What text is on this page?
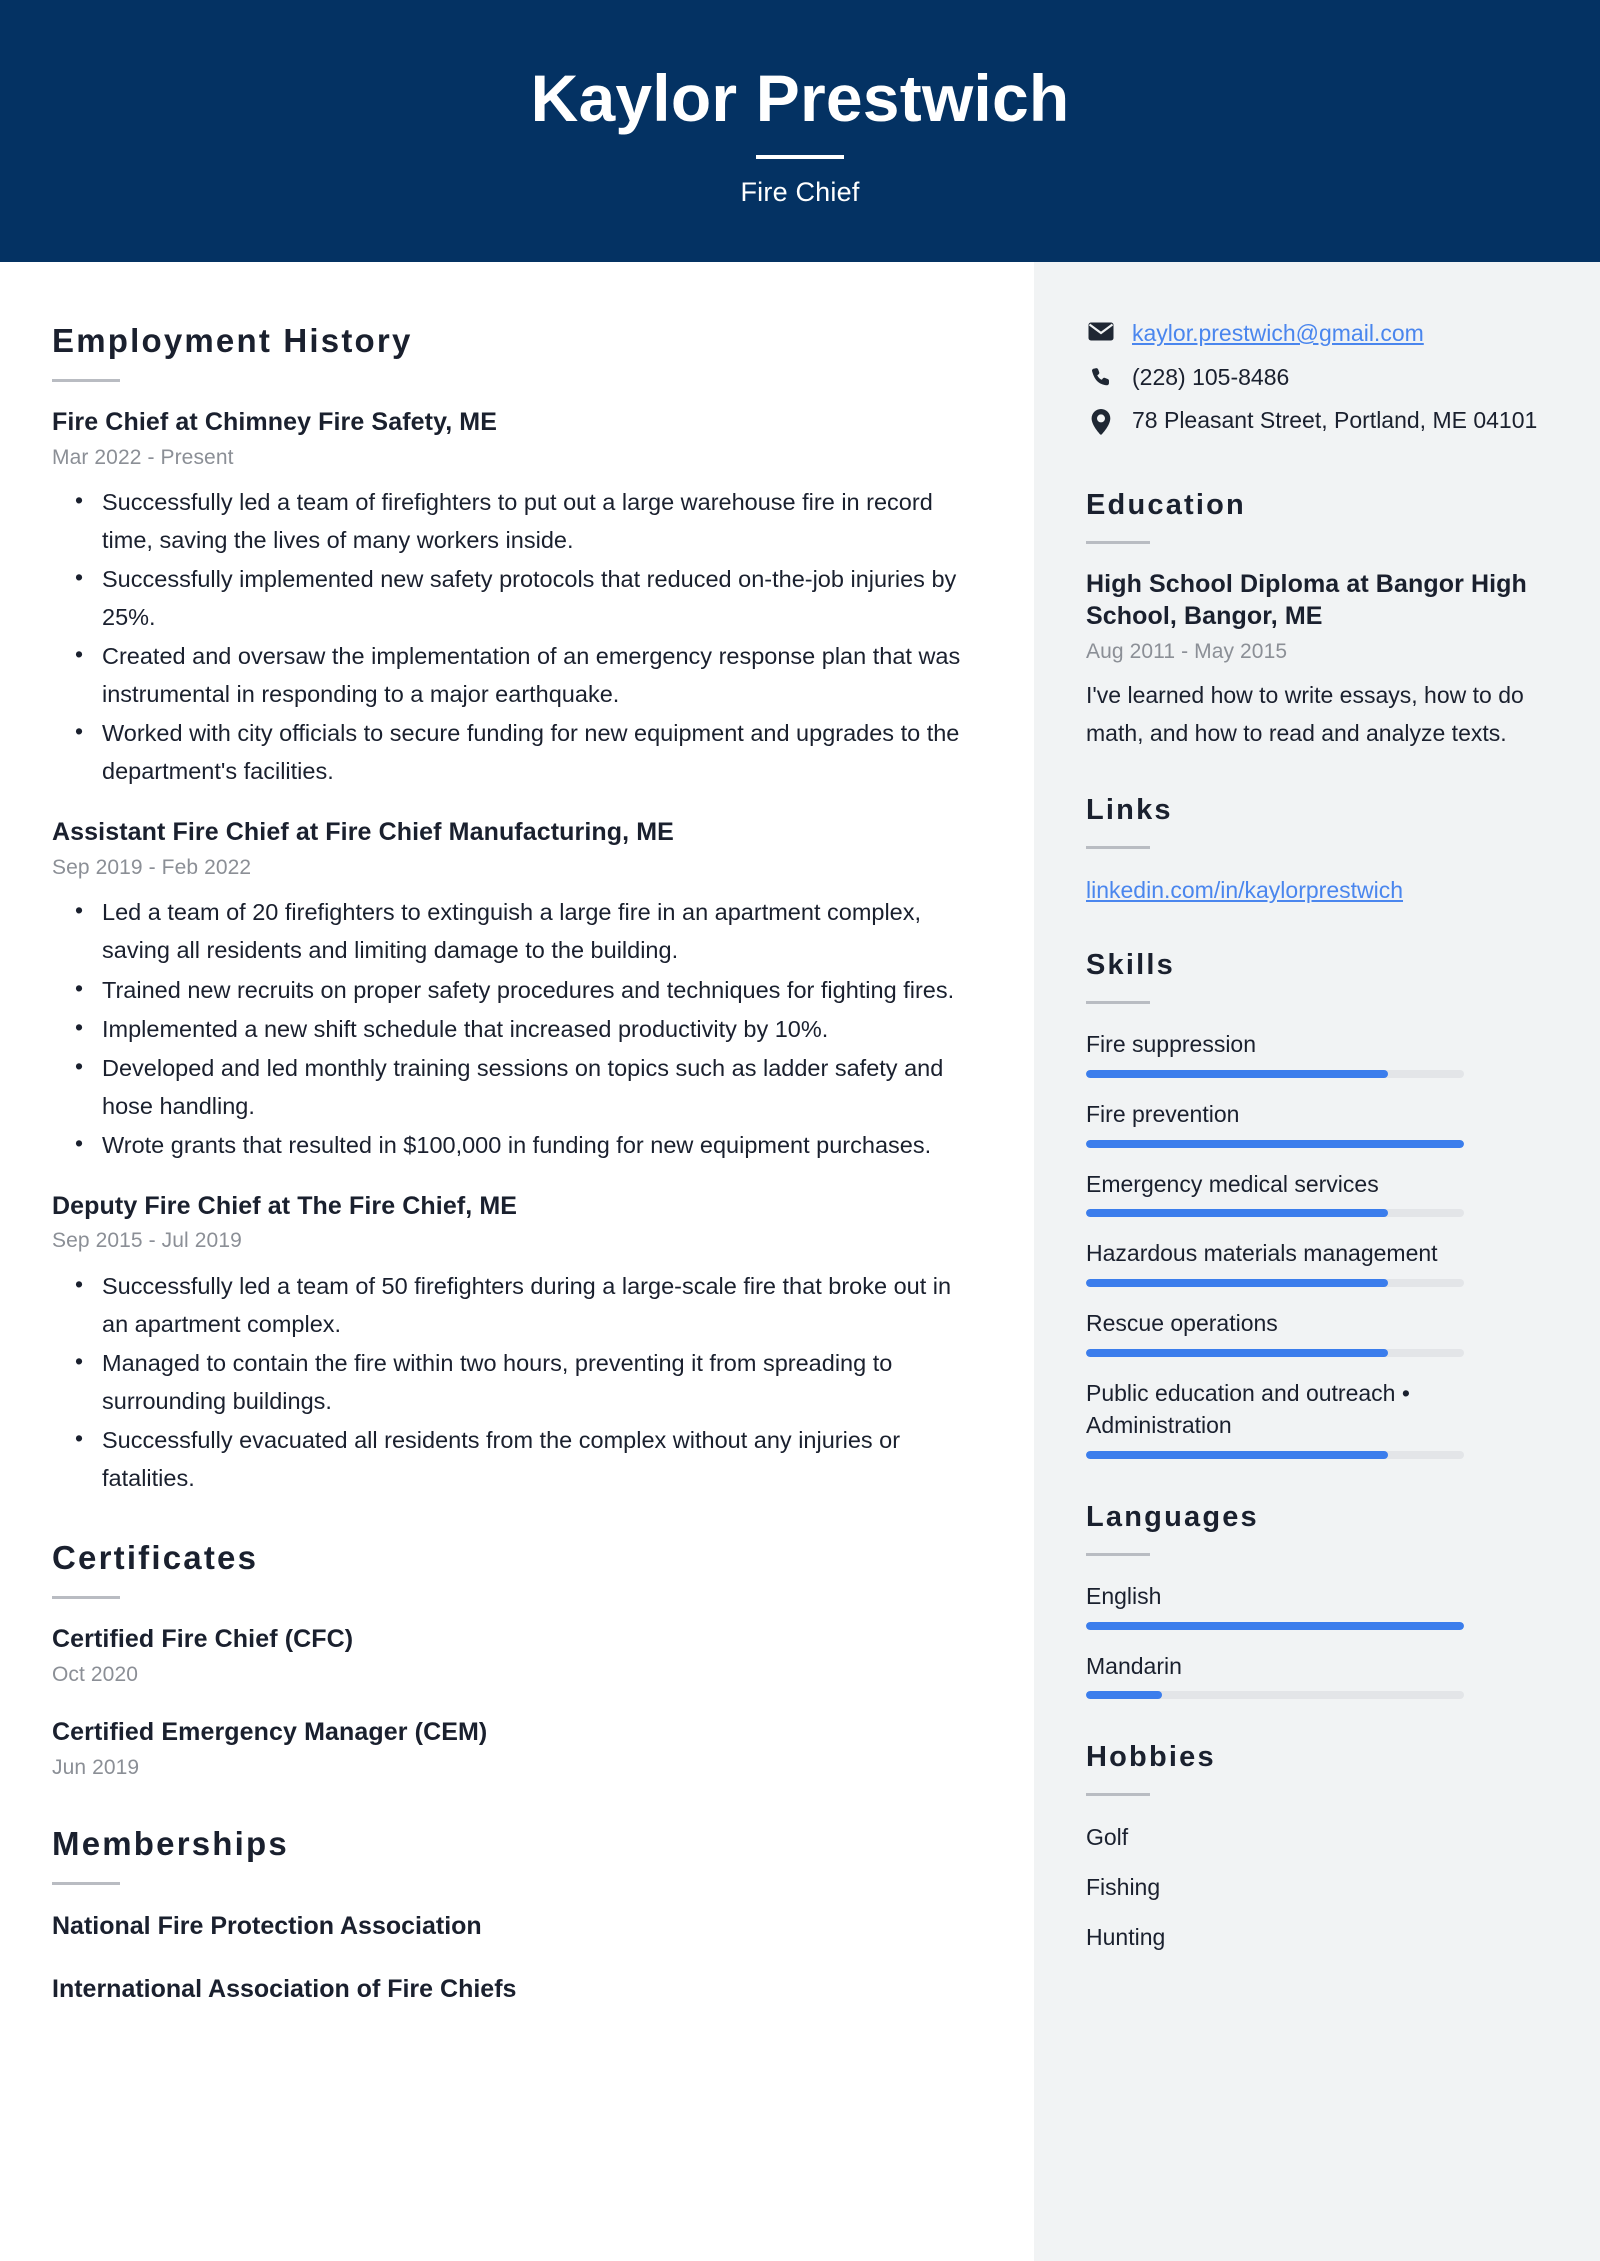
Kaylor Prestwich
Fire Chief
Employment History
Fire Chief at Chimney Fire Safety, ME
Mar 2022 - Present
• Successfully led a team of firefighters to put out a large warehouse fire in record time, saving the lives of many workers inside.
• Successfully implemented new safety protocols that reduced on-the-job injuries by 25%.
• Created and oversaw the implementation of an emergency response plan that was instrumental in responding to a major earthquake.
• Worked with city officials to secure funding for new equipment and upgrades to the department's facilities.
Assistant Fire Chief at Fire Chief Manufacturing, ME
Sep 2019 - Feb 2022
• Led a team of 20 firefighters to extinguish a large fire in an apartment complex, saving all residents and limiting damage to the building.
• Trained new recruits on proper safety procedures and techniques for fighting fires.
• Implemented a new shift schedule that increased productivity by 10%.
• Developed and led monthly training sessions on topics such as ladder safety and hose handling.
• Wrote grants that resulted in $100,000 in funding for new equipment purchases.
Deputy Fire Chief at The Fire Chief, ME
Sep 2015 - Jul 2019
• Successfully led a team of 50 firefighters during a large-scale fire that broke out in an apartment complex.
• Managed to contain the fire within two hours, preventing it from spreading to surrounding buildings.
• Successfully evacuated all residents from the complex without any injuries or fatalities.
Certificates
Certified Fire Chief (CFC)
Oct 2020
Certified Emergency Manager (CEM)
Jun 2019
Memberships
National Fire Protection Association
International Association of Fire Chiefs
kaylor.prestwich@gmail.com
(228) 105-8486
78 Pleasant Street, Portland, ME 04101
Education
High School Diploma at Bangor High School, Bangor, ME
Aug 2011 - May 2015
I've learned how to write essays, how to do math, and how to read and analyze texts.
Links
linkedin.com/in/kaylorprestwich
Skills
Fire suppression
Fire prevention
Emergency medical services
Hazardous materials management
Rescue operations
Public education and outreach • Administration
Languages
English
Mandarin
Hobbies
Golf
Fishing
Hunting
